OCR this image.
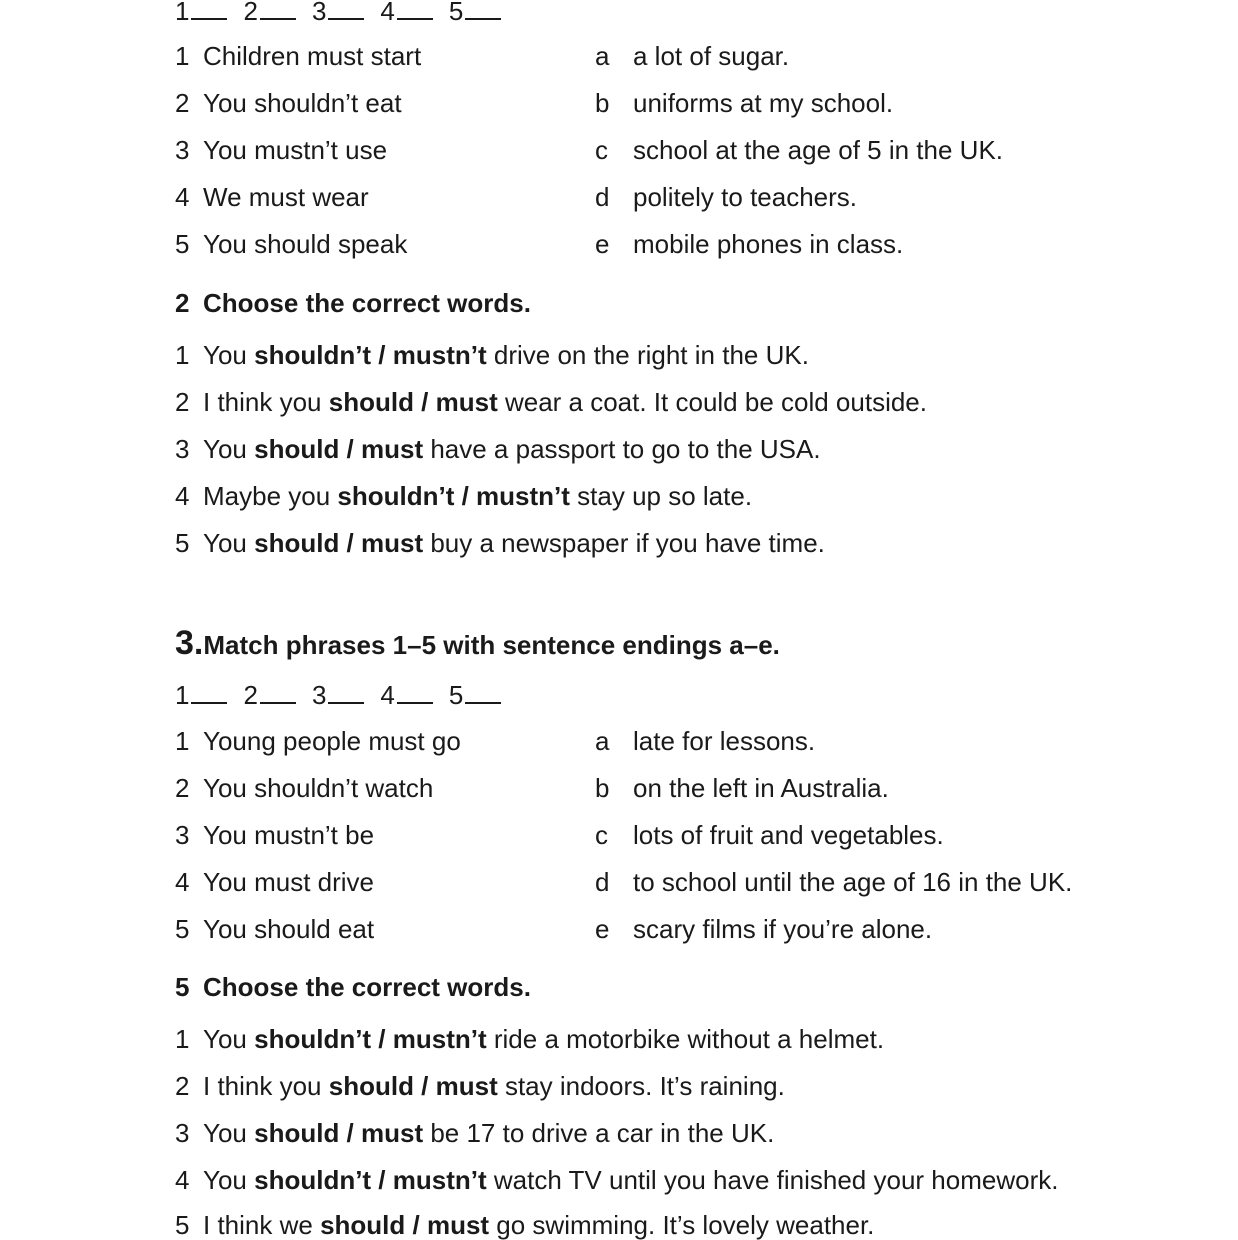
1 2 3 4 5
1 Children must start
2 You shouldn’t eat
3 You mustn’t use
4 We must wear
5 You should speak
a a lot of sugar.
b uniforms at my school.
c school at the age of 5 in the UK.
d politely to teachers.
e mobile phones in class.
2 Choose the correct words.
1 You shouldn’t / mustn’t drive on the right in the UK.
2 I think you should / must wear a coat. It could be cold outside.
3 You should / must have a passport to go to the USA.
4 Maybe you shouldn’t / mustn’t stay up so late.
5 You should / must buy a newspaper if you have time.
3.Match phrases 1–5 with sentence endings a–e.
1 2 3 4 5
1 Young people must go
2 You shouldn’t watch
3 You mustn’t be
4 You must drive
5 You should eat
a late for lessons.
b on the left in Australia.
c lots of fruit and vegetables.
d to school until the age of 16 in the UK.
e scary films if you’re alone.
5 Choose the correct words.
1 You shouldn’t / mustn’t ride a motorbike without a helmet.
2 I think you should / must stay indoors. It’s raining.
3 You should / must be 17 to drive a car in the UK.
4 You shouldn’t / mustn’t watch TV until you have finished your homework.
5 I think we should / must go swimming. It’s lovely weather.
